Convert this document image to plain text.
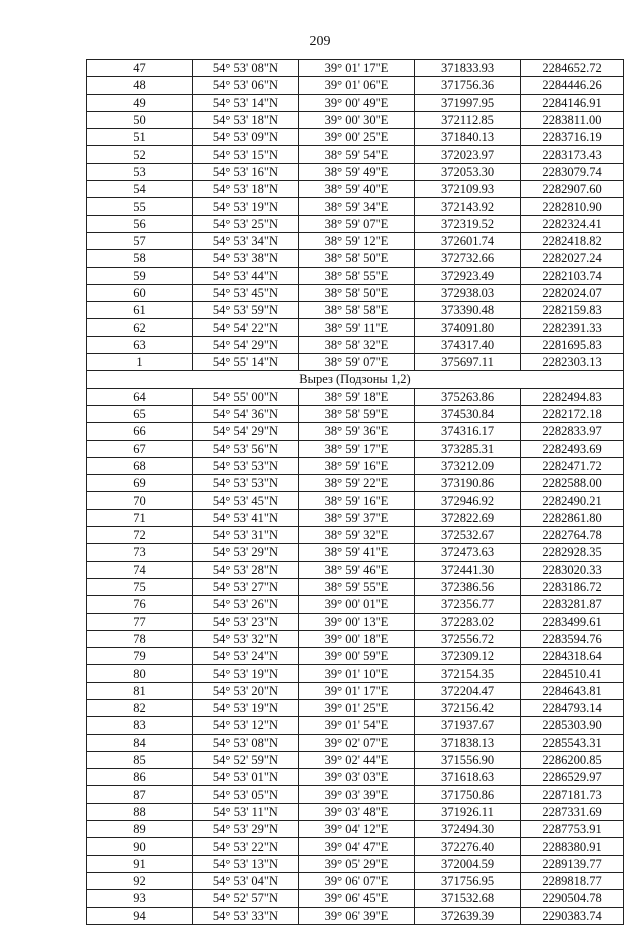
209
47	54° 53' 08"N	39° 01' 17"E	371833.93	2284652.72
48	54° 53' 06"N	39° 01' 06"E	371756.36	2284446.26
49	54° 53' 14"N	39° 00' 49"E	371997.95	2284146.91
50	54° 53' 18"N	39° 00' 30"E	372112.85	2283811.00
51	54° 53' 09"N	39° 00' 25"E	371840.13	2283716.19
52	54° 53' 15"N	38° 59' 54"E	372023.97	2283173.43
53	54° 53' 16"N	38° 59' 49"E	372053.30	2283079.74
54	54° 53' 18"N	38° 59' 40"E	372109.93	2282907.60
55	54° 53' 19"N	38° 59' 34"E	372143.92	2282810.90
56	54° 53' 25"N	38° 59' 07"E	372319.52	2282324.41
57	54° 53' 34"N	38° 59' 12"E	372601.74	2282418.82
58	54° 53' 38"N	38° 58' 50"E	372732.66	2282027.24
59	54° 53' 44"N	38° 58' 55"E	372923.49	2282103.74
60	54° 53' 45"N	38° 58' 50"E	372938.03	2282024.07
61	54° 53' 59"N	38° 58' 58"E	373390.48	2282159.83
62	54° 54' 22"N	38° 59' 11"E	374091.80	2282391.33
63	54° 54' 29"N	38° 58' 32"E	374317.40	2281695.83
1	54° 55' 14"N	38° 59' 07"E	375697.11	2282303.13
Вырез (Подзоны 1,2)				
64	54° 55' 00"N	38° 59' 18"E	375263.86	2282494.83
65	54° 54' 36"N	38° 58' 59"E	374530.84	2282172.18
66	54° 54' 29"N	38° 59' 36"E	374316.17	2282833.97
67	54° 53' 56"N	38° 59' 17"E	373285.31	2282493.69
68	54° 53' 53"N	38° 59' 16"E	373212.09	2282471.72
69	54° 53' 53"N	38° 59' 22"E	373190.86	2282588.00
70	54° 53' 45"N	38° 59' 16"E	372946.92	2282490.21
71	54° 53' 41"N	38° 59' 37"E	372822.69	2282861.80
72	54° 53' 31"N	38° 59' 32"E	372532.67	2282764.78
73	54° 53' 29"N	38° 59' 41"E	372473.63	2282928.35
74	54° 53' 28"N	38° 59' 46"E	372441.30	2283020.33
75	54° 53' 27"N	38° 59' 55"E	372386.56	2283186.72
76	54° 53' 26"N	39° 00' 01"E	372356.77	2283281.87
77	54° 53' 23"N	39° 00' 13"E	372283.02	2283499.61
78	54° 53' 32"N	39° 00' 18"E	372556.72	2283594.76
79	54° 53' 24"N	39° 00' 59"E	372309.12	2284318.64
80	54° 53' 19"N	39° 01' 10"E	372154.35	2284510.41
81	54° 53' 20"N	39° 01' 17"E	372204.47	2284643.81
82	54° 53' 19"N	39° 01' 25"E	372156.42	2284793.14
83	54° 53' 12"N	39° 01' 54"E	371937.67	2285303.90
84	54° 53' 08"N	39° 02' 07"E	371838.13	2285543.31
85	54° 52' 59"N	39° 02' 44"E	371556.90	2286200.85
86	54° 53' 01"N	39° 03' 03"E	371618.63	2286529.97
87	54° 53' 05"N	39° 03' 39"E	371750.86	2287181.73
88	54° 53' 11"N	39° 03' 48"E	371926.11	2287331.69
89	54° 53' 29"N	39° 04' 12"E	372494.30	2287753.91
90	54° 53' 22"N	39° 04' 47"E	372276.40	2288380.91
91	54° 53' 13"N	39° 05' 29"E	372004.59	2289139.77
92	54° 53' 04"N	39° 06' 07"E	371756.95	2289818.77
93	54° 52' 57"N	39° 06' 45"E	371532.68	2290504.78
94	54° 53' 33"N	39° 06' 39"E	372639.39	2290383.74
